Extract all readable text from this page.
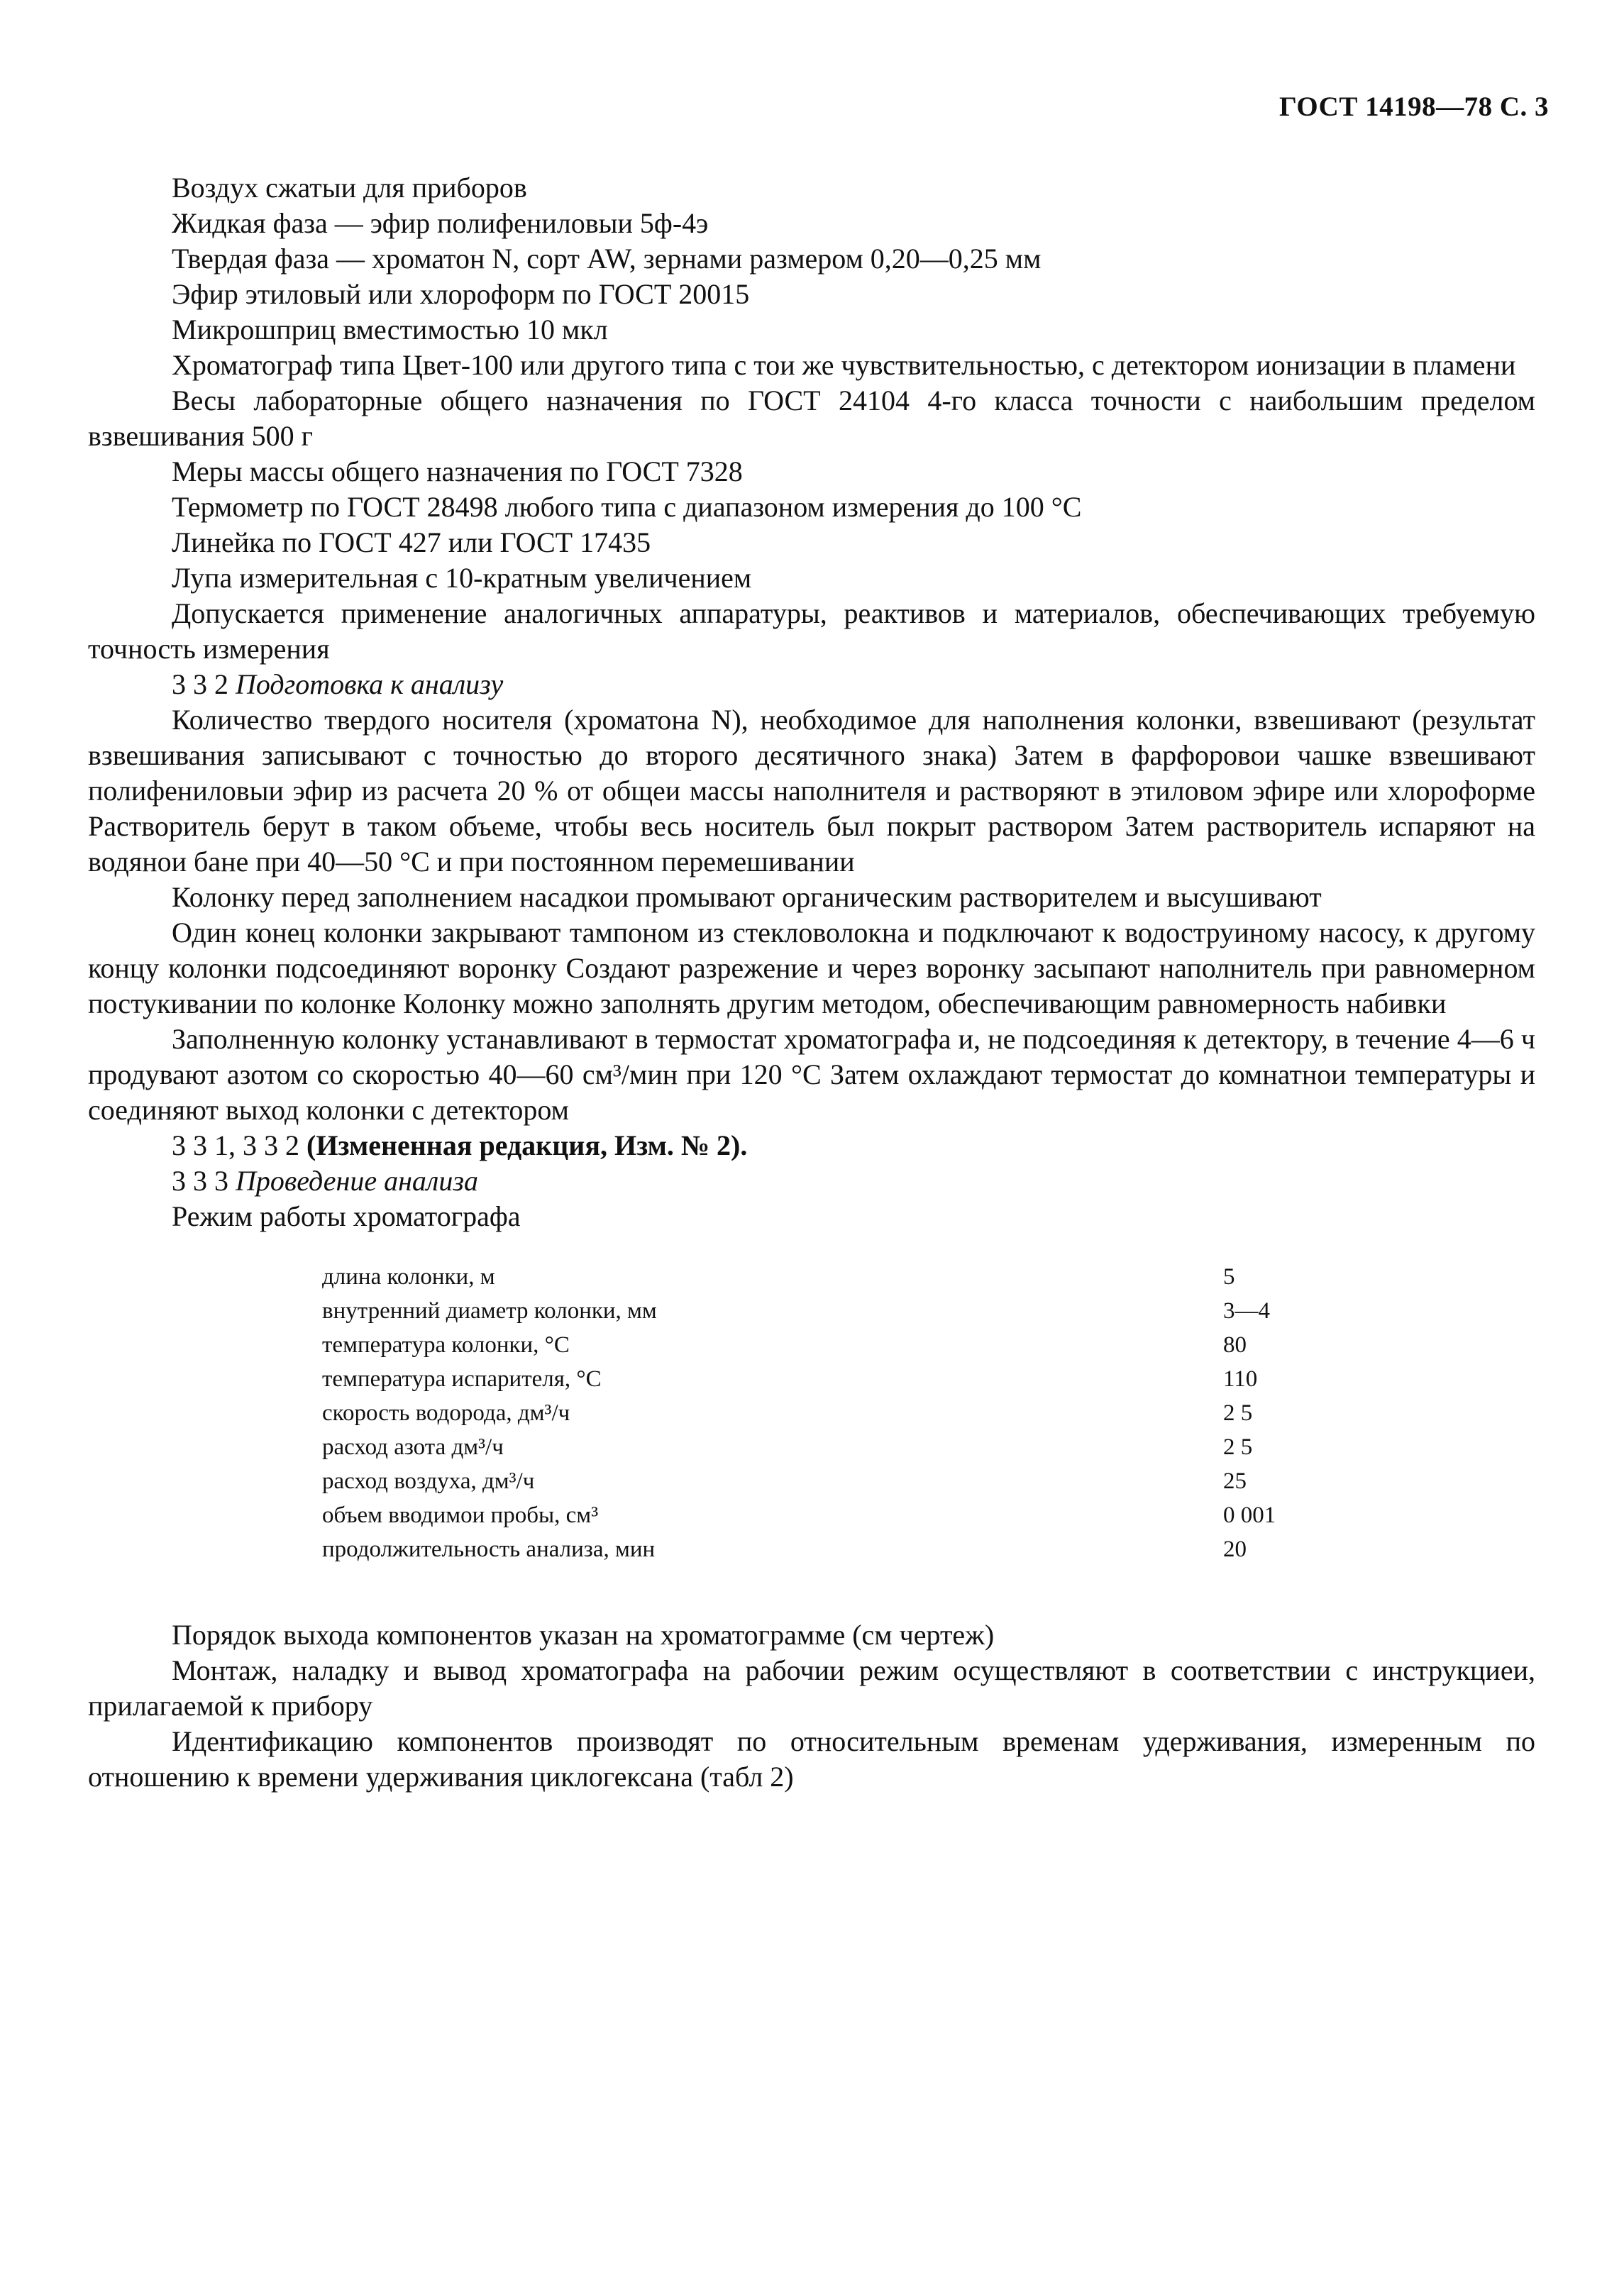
ГОСТ 14198—78 С. 3

Воздух сжатыи для приборов

Жидкая фаза — эфир полифениловыи 5ф-4э

Твердая фаза — хроматон N, сорт AW, зернами размером 0,20—0,25 мм

Эфир этиловый или хлороформ по ГОСТ 20015

Микрошприц вместимостью 10 мкл

Хроматограф типа Цвет-100 или другого типа с тои же чувствительностью, с детектором ионизации в пламени

Весы лабораторные общего назначения по ГОСТ 24104 4-го класса точности с наибольшим пределом взвешивания 500 г

Меры массы общего назначения по ГОСТ 7328

Термометр по ГОСТ 28498 любого типа с диапазоном измерения до 100 °С

Линейка по ГОСТ 427 или ГОСТ 17435

Лупа измерительная с 10-кратным увеличением

Допускается применение аналогичных аппаратуры, реактивов и материалов, обеспечивающих требуемую точность измерения

3 3 2 Подготовка к анализу

Количество твердого носителя (хроматона N), необходимое для наполнения колонки, взвешивают (результат взвешивания записывают с точностью до второго десятичного знака) Затем в фарфоровои чашке взвешивают полифениловыи эфир из расчета 20 % от общеи массы наполнителя и растворяют в этиловом эфире или хлороформе Растворитель берут в таком объеме, чтобы весь носитель был покрыт раствором Затем растворитель испаряют на водянои бане при 40—50 °С и при постоянном перемешивании

Колонку перед заполнением насадкои промывают органическим растворителем и высушивают

Один конец колонки закрывают тампоном из стекловолокна и подключают к водоструиному насосу, к другому концу колонки подсоединяют воронку Создают разрежение и через воронку засыпают наполнитель при равномерном постукивании по колонке Колонку можно заполнять другим методом, обеспечивающим равномерность набивки

Заполненную колонку устанавливают в термостат хроматографа и, не подсоединяя к детектору, в течение 4—6 ч продувают азотом со скоростью 40—60 см³/мин при 120 °С Затем охлаждают термостат до комнатнои температуры и соединяют выход колонки с детектором

3 3 1, 3 3 2 (Измененная редакция, Изм. № 2).

3 3 3 Проведение анализа

Режим работы хроматографа

длина колонки, м	5
внутренний диаметр колонки, мм	3—4
температура колонки, °С	80
температура испарителя, °С	110
скорость водорода, дм³/ч	2 5
расход азота дм³/ч	2 5
расход воздуха, дм³/ч	25
объем вводимои пробы, см³	0 001
продолжительность анализа, мин	20

Порядок выхода компонентов указан на хроматограмме (см чертеж)

Монтаж, наладку и вывод хроматографа на рабочии режим осуществляют в соответствии с инструкциеи, прилагаемой к прибору

Идентификацию компонентов производят по относительным временам удерживания, измеренным по отношению к времени удерживания циклогексана (табл 2)
